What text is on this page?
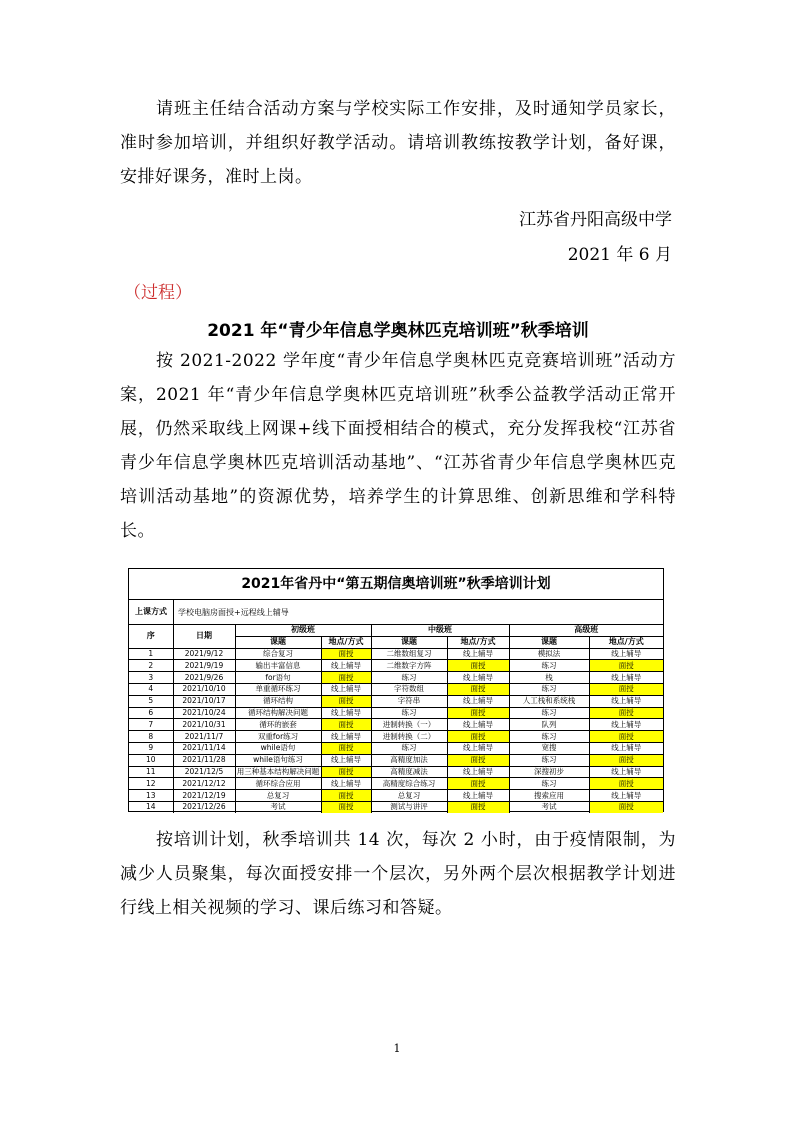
请班主任结合活动方案与学校实际工作安排，及时通知学员家长，准时参加培训，并组织好教学活动。请培训教练按教学计划，备好课，安排好课务，准时上岗。

江苏省丹阳高级中学
2021 年 6 月
（过程）
2021 年“青少年信息学奥林匹克培训班”秋季培训

按 2021-2022 学年度“青少年信息学奥林匹克竞赛培训班”活动方案，2021 年“青少年信息学奥林匹克培训班”秋季公益教学活动正常开展，仍然采取线上网课+线下面授相结合的模式，充分发挥我校“江苏省青少年信息学奥林匹克培训活动基地”、“江苏省青少年信息学奥林匹克培训活动基地”的资源优势，培养学生的计算思维、创新思维和学科特长。

2021年省丹中“第五期信奥培训班”秋季培训计划
上课方式	学校电脑房面授+远程线上辅导
序	日期	初级班		中级班		高级班	
		课题	地点/方式	课题	地点/方式	课题	地点/方式
1	2021/9/12	综合复习	面授	二维数组复习	线上辅导	模拟法	线上辅导
2	2021/9/19	输出丰富信息	线上辅导	二维数字方阵	面授	练习	面授
3	2021/9/26	for语句	面授	练习	线上辅导	栈	线上辅导
4	2021/10/10	单重循环练习	线上辅导	字符数组	面授	练习	面授
5	2021/10/17	循环结构	面授	字符串	线上辅导	人工栈和系统栈	线上辅导
6	2021/10/24	循环结构解决问题	线上辅导	练习	面授	练习	面授
7	2021/10/31	循环的嵌套	面授	进制转换（一）	线上辅导	队列	线上辅导
8	2021/11/7	双重for练习	线上辅导	进制转换（二）	面授	练习	面授
9	2021/11/14	while语句	面授	练习	线上辅导	宽搜	线上辅导
10	2021/11/28	while语句练习	线上辅导	高精度加法	面授	练习	面授
11	2021/12/5	用三种基本结构解决问题	面授	高精度减法	线上辅导	深搜初步	线上辅导
12	2021/12/12	循环综合应用	线上辅导	高精度综合练习	面授	练习	面授
13	2021/12/19	总复习	面授	总复习	线上辅导	搜索应用	线上辅导
14	2021/12/26	考试	面授	测试与讲评	面授	考试	面授

按培训计划，秋季培训共 14 次，每次 2 小时，由于疫情限制，为减少人员聚集，每次面授安排一个层次，另外两个层次根据教学计划进行线上相关视频的学习、课后练习和答疑。

1
